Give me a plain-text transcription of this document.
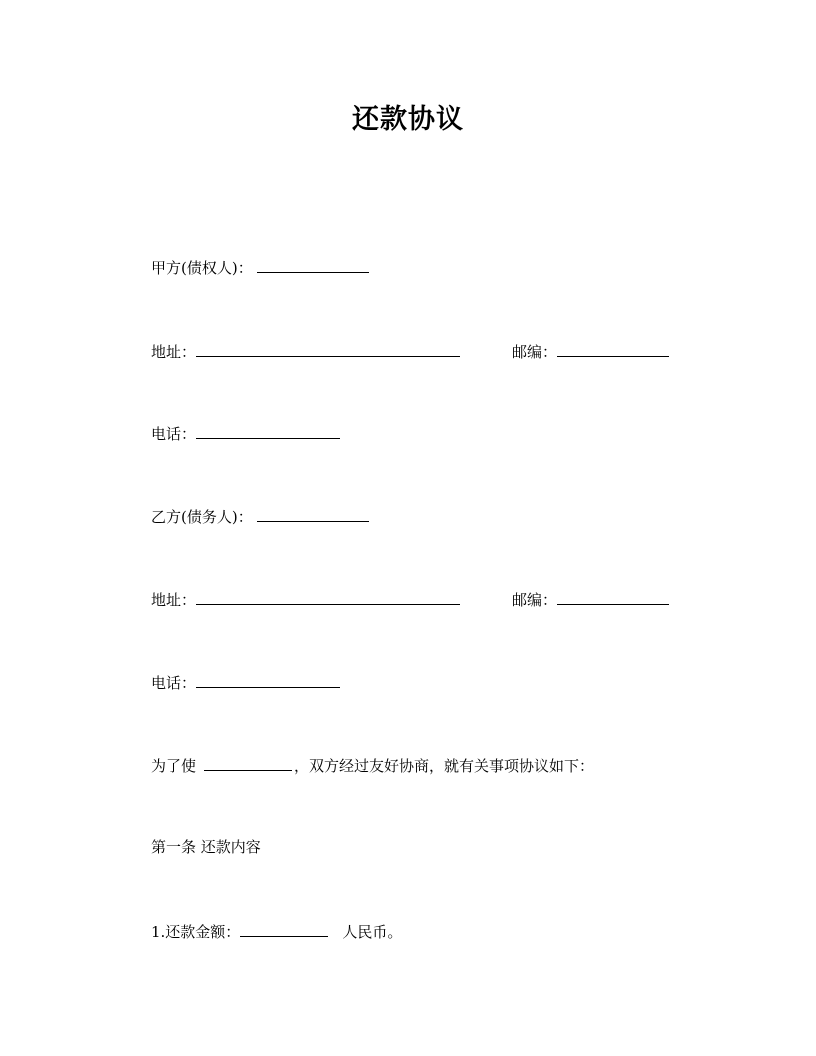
还款协议
甲方(债权人)：
地址：	邮编：
电话：
乙方(债务人)：
地址：	邮编：
电话：
为了使	，双方经过友好协商，就有关事项协议如下：
第一条 还款内容
1.还款金额：	人民币。
